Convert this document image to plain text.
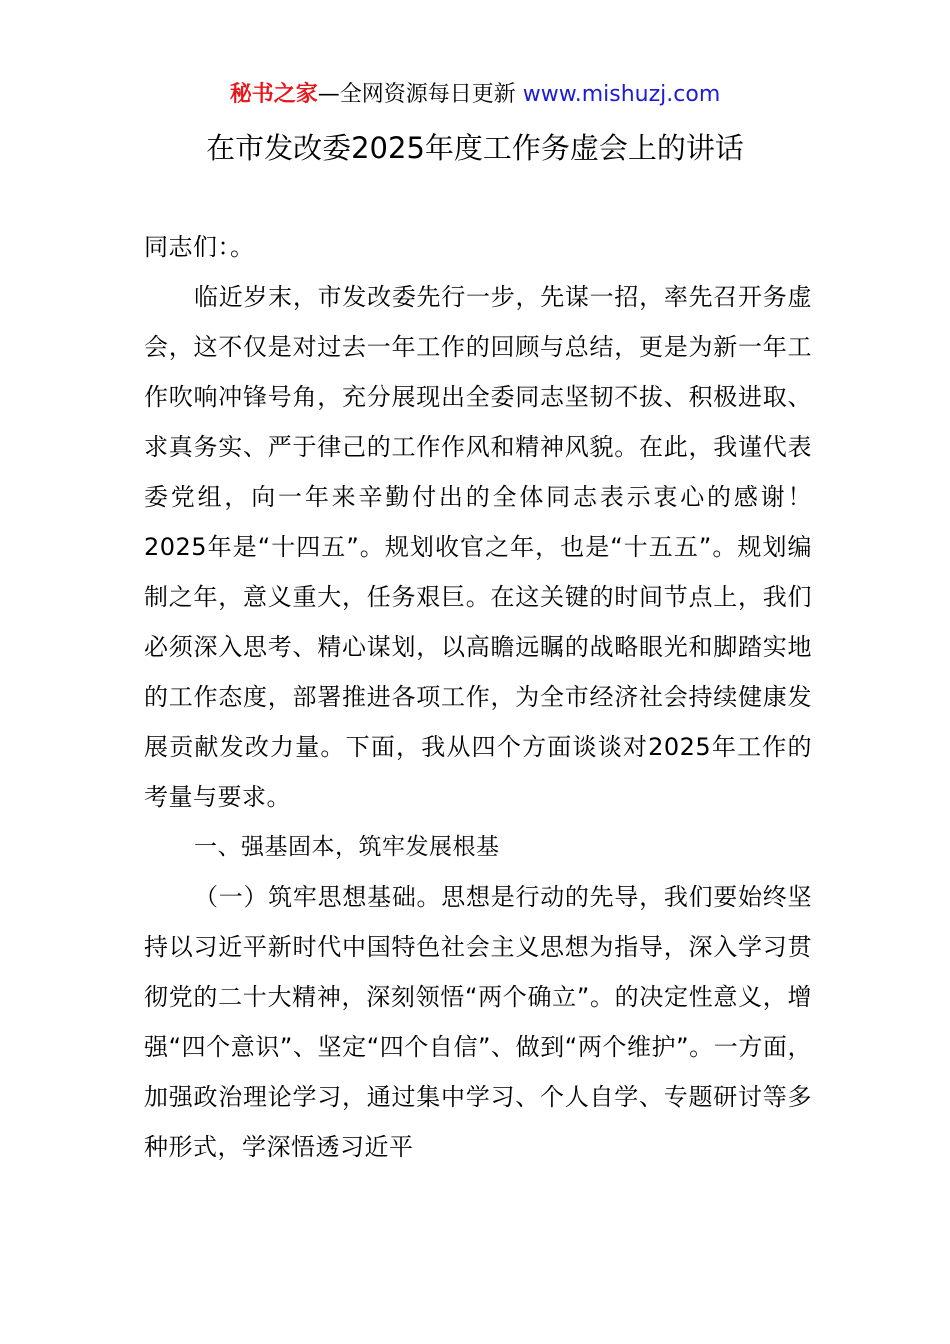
秘书之家—全网资源每日更新 www.mishuzj.com
在市发改委2025年度工作务虚会上的讲话

同志们：。

临近岁末，市发改委先行一步，先谋一招，率先召开务虚会，这不仅是对过去一年工作的回顾与总结，更是为新一年工作吹响冲锋号角，充分展现出全委同志坚韧不拔、积极进取、求真务实、严于律己的工作作风和精神风貌。在此，我谨代表委党组，向一年来辛勤付出的全体同志表示衷心的感谢！2025年是“十四五”。规划收官之年，也是“十五五”。规划编制之年，意义重大，任务艰巨。在这关键的时间节点上，我们必须深入思考、精心谋划，以高瞻远瞩的战略眼光和脚踏实地的工作态度，部署推进各项工作，为全市经济社会持续健康发展贡献发改力量。下面，我从四个方面谈谈对2025年工作的考量与要求。

一、强基固本，筑牢发展根基

（一）筑牢思想基础。思想是行动的先导，我们要始终坚持以习近平新时代中国特色社会主义思想为指导，深入学习贯彻党的二十大精神，深刻领悟“两个确立”。的决定性意义，增强“四个意识”、坚定“四个自信”、做到“两个维护”。一方面，加强政治理论学习，通过集中学习、个人自学、专题研讨等多种形式，学深悟透习近平
